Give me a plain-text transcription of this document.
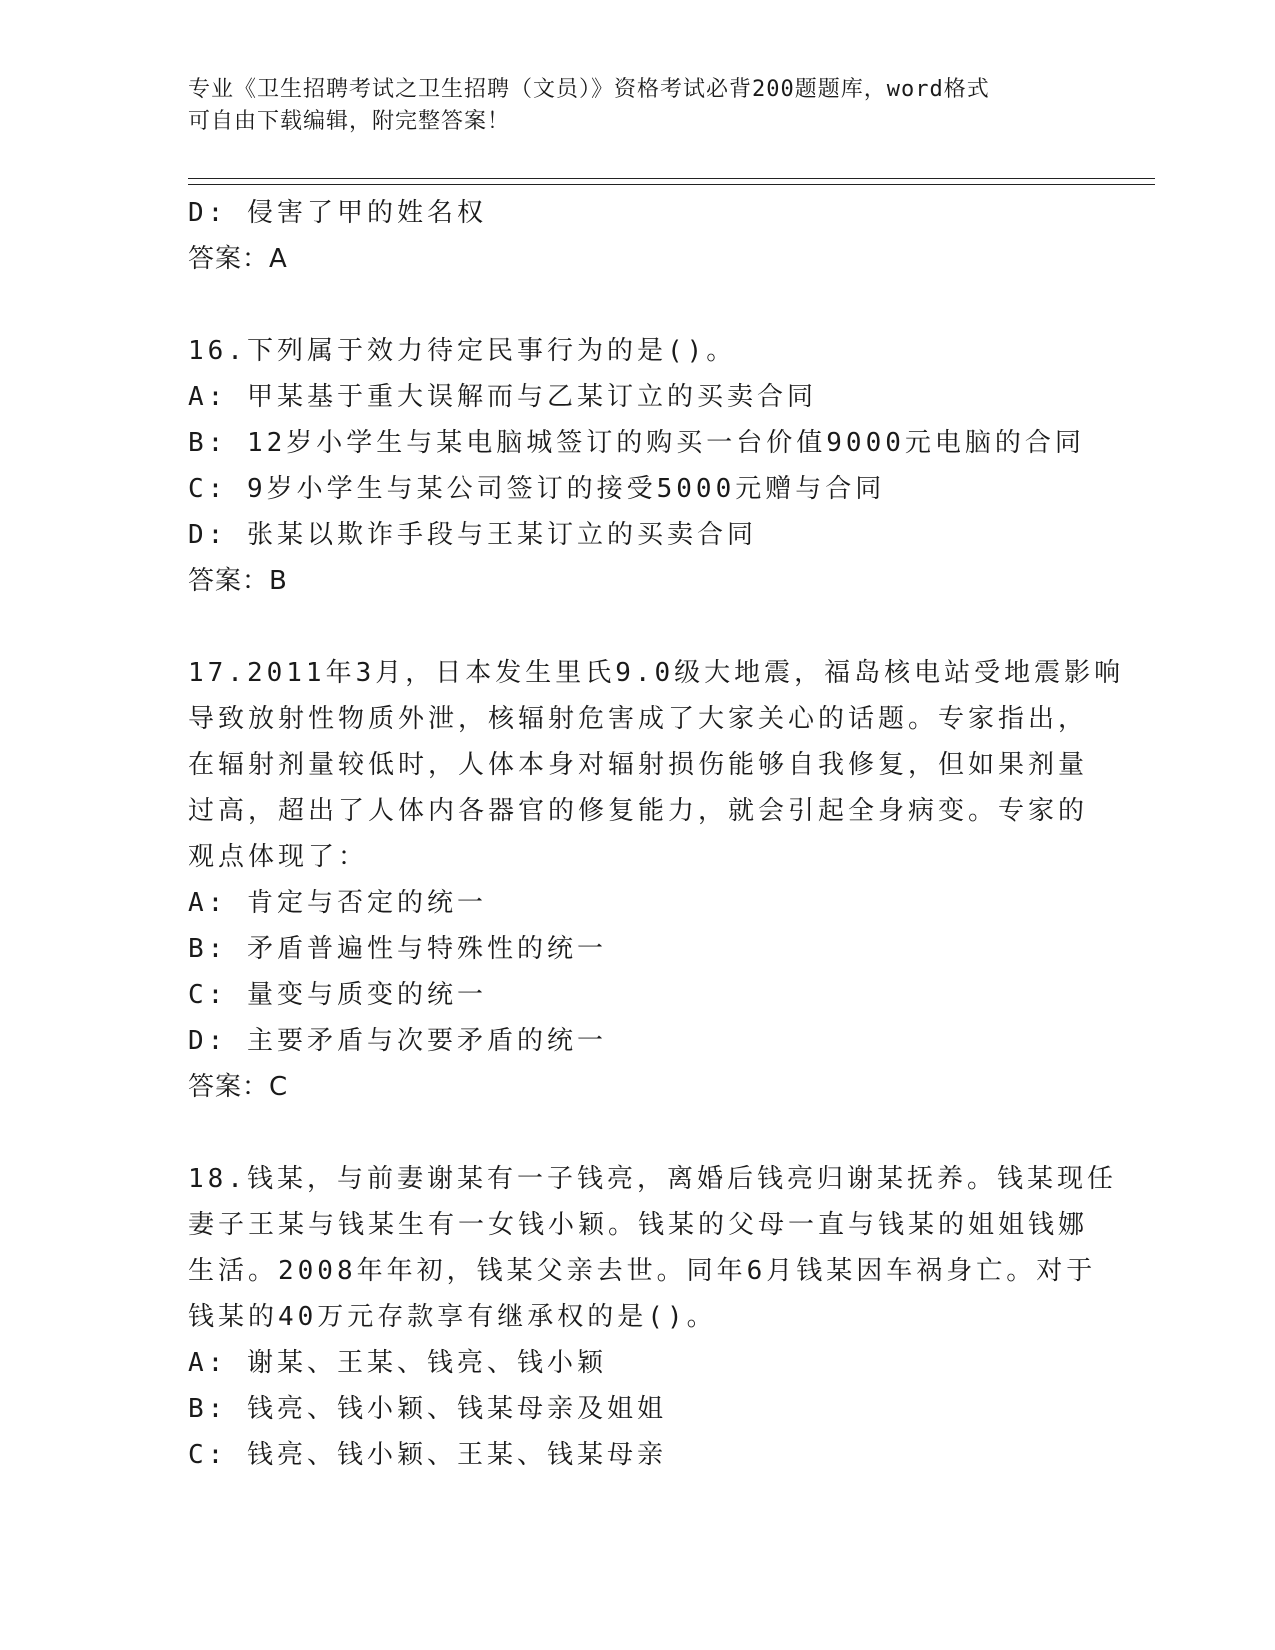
专业《卫生招聘考试之卫生招聘（文员）》资格考试必背200题题库，word格式
可自由下载编辑，附完整答案！
D: 侵害了甲的姓名权
答案：A
16.下列属于效力待定民事行为的是()。
A: 甲某基于重大误解而与乙某订立的买卖合同
B: 12岁小学生与某电脑城签订的购买一台价值9000元电脑的合同
C: 9岁小学生与某公司签订的接受5000元赠与合同
D: 张某以欺诈手段与王某订立的买卖合同
答案：B
17.2011年3月，日本发生里氏9.0级大地震，福岛核电站受地震影响
导致放射性物质外泄，核辐射危害成了大家关心的话题。专家指出，
在辐射剂量较低时，人体本身对辐射损伤能够自我修复，但如果剂量
过高，超出了人体内各器官的修复能力，就会引起全身病变。专家的
观点体现了：
A: 肯定与否定的统一
B: 矛盾普遍性与特殊性的统一
C: 量变与质变的统一
D: 主要矛盾与次要矛盾的统一
答案：C
18.钱某，与前妻谢某有一子钱亮，离婚后钱亮归谢某抚养。钱某现任
妻子王某与钱某生有一女钱小颖。钱某的父母一直与钱某的姐姐钱娜
生活。2008年年初，钱某父亲去世。同年6月钱某因车祸身亡。对于
钱某的40万元存款享有继承权的是()。
A: 谢某、王某、钱亮、钱小颖
B: 钱亮、钱小颖、钱某母亲及姐姐
C: 钱亮、钱小颖、王某、钱某母亲
